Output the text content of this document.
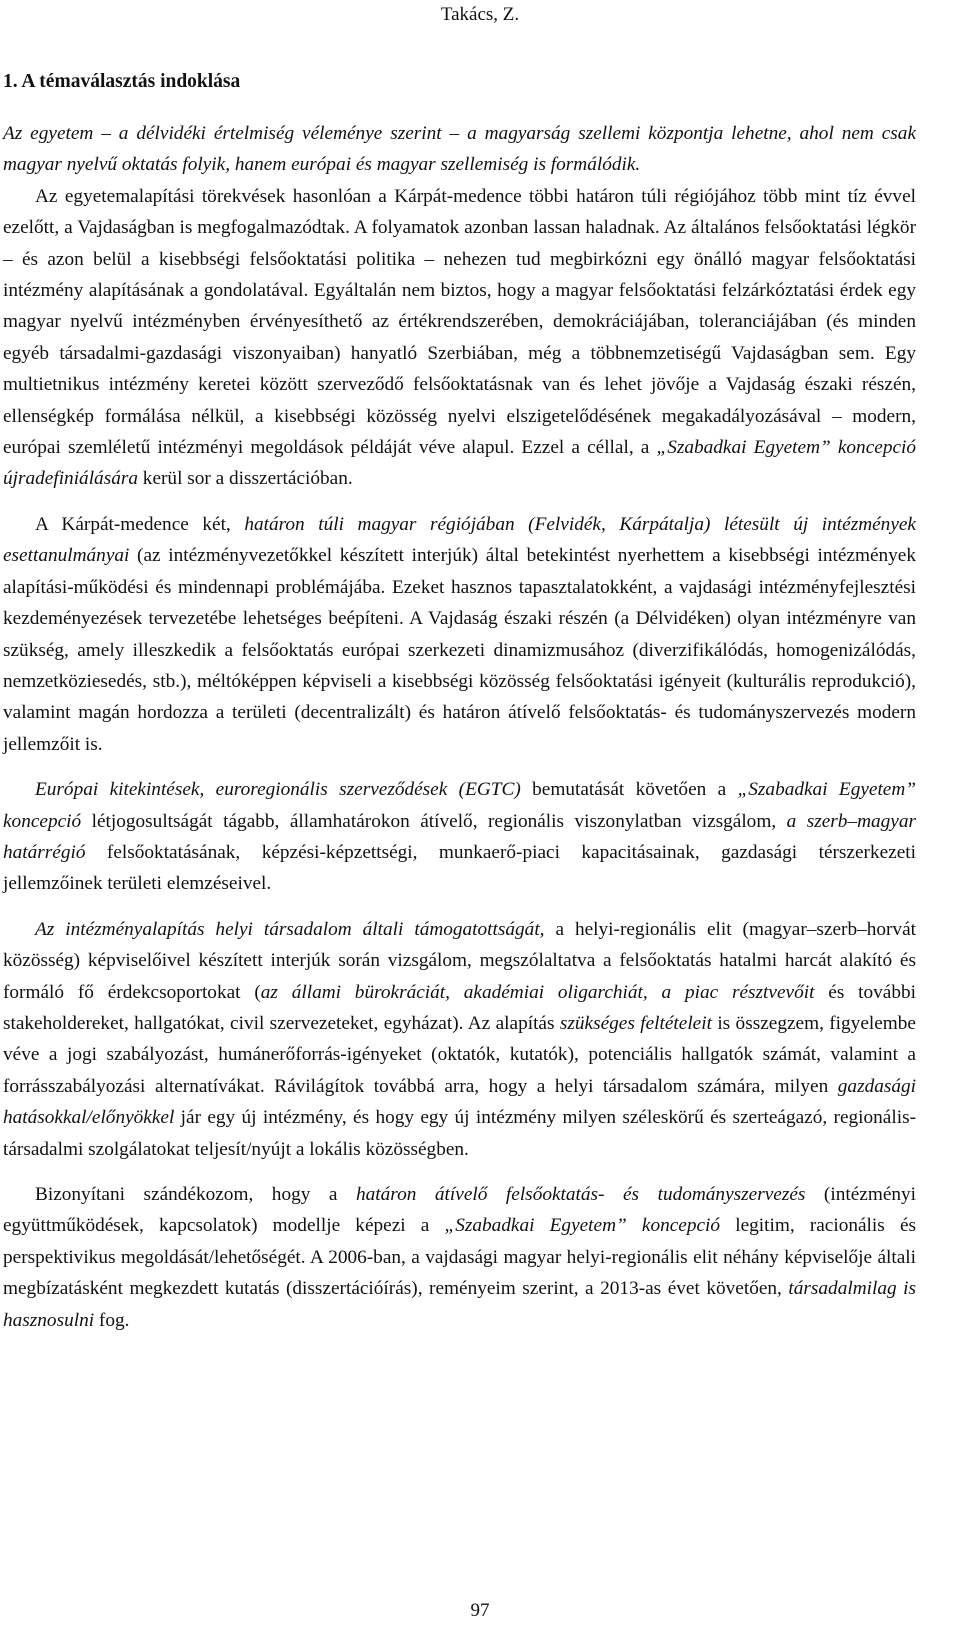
Takács, Z.
1. A témaválasztás indoklása

Az egyetem – a délvidéki értelmiség véleménye szerint – a magyarság szellemi központja lehetne, ahol nem csak magyar nyelvű oktatás folyik, hanem európai és magyar szellemiség is formálódik.

Az egyetemalapítási törekvések hasonlóan a Kárpát-medence többi határon túli régiójához több mint tíz évvel ezelőtt, a Vajdaságban is megfogalmazódtak. A folyamatok azonban lassan haladnak. Az általános felsőoktatási légkör – és azon belül a kisebbségi felsőoktatási politika – nehezen tud megbirkózni egy önálló magyar felsőoktatási intézmény alapításának a gondolatával. Egyáltalán nem biztos, hogy a magyar felsőoktatási felzárkóztatási érdek egy magyar nyelvű intézményben érvényesíthető az értékrendszerében, demokráciájában, toleranciájában (és minden egyéb társadalmi-gazdasági viszonyaiban) hanyatló Szerbiában, még a többnemzetiségű Vajdaságban sem. Egy multietnikus intézmény keretei között szerveződő felsőoktatásnak van és lehet jövője a Vajdaság északi részén, ellenségkép formálása nélkül, a kisebbségi közösség nyelvi elszigetelődésének megakadályozásával – modern, európai szemléletű intézményi megoldások példáját véve alapul. Ezzel a céllal, a „Szabadkai Egyetem” koncepció újradefiniálására kerül sor a disszertációban.

A Kárpát-medence két, határon túli magyar régiójában (Felvidék, Kárpátalja) létesült új intézmények esettanulmányai (az intézményvezetőkkel készített interjúk) által betekintést nyerhettem a kisebbségi intézmények alapítási-működési és mindennapi problémájába. Ezeket hasznos tapasztalatokként, a vajdasági intézményfejlesztési kezdeményezések tervezetébe lehetséges beépíteni. A Vajdaság északi részén (a Délvidéken) olyan intézményre van szükség, amely illeszkedik a felsőoktatás európai szerkezeti dinamizmusához (diverzifikálódás, homogenizálódás, nemzetköziesedés, stb.), méltóképpen képviseli a kisebbségi közösség felsőoktatási igényeit (kulturális reprodukció), valamint magán hordozza a területi (decentralizált) és határon átívelő felsőoktatás- és tudományszervezés modern jellemzőit is.

Európai kitekintések, euroregionális szerveződések (EGTC) bemutatását követően a „Szabadkai Egyetem” koncepció létjogosultságát tágabb, államhatárokon átívelő, regionális viszonylatban vizsgálom, a szerb–magyar határrégió felsőoktatásának, képzési-képzettségi, munkaerő-piaci kapacitásainak, gazdasági térszerkezeti jellemzőinek területi elemzéseivel.

Az intézményalapítás helyi társadalom általi támogatottságát, a helyi-regionális elit (magyar–szerb–horvát közösség) képviselőivel készített interjúk során vizsgálom, megszólaltatva a felsőoktatás hatalmi harcát alakító és formáló fő érdekcsoportokat (az állami bürokráciát, akadémiai oligarchiát, a piac résztvevőit és további stakeholdereket, hallgatókat, civil szervezeteket, egyházat). Az alapítás szükséges feltételeit is összegzem, figyelembe véve a jogi szabályozást, humánerőforrás-igényeket (oktatók, kutatók), potenciális hallgatók számát, valamint a forrásszabályozási alternatívákat. Rávilágítok továbbá arra, hogy a helyi társadalom számára, milyen gazdasági hatásokkal/előnyökkel jár egy új intézmény, és hogy egy új intézmény milyen széleskörű és szerteágazó, regionális-társadalmi szolgálatokat teljesít/nyújt a lokális közösségben.

Bizonyítani szándékozom, hogy a határon átívelő felsőoktatás- és tudományszervezés (intézményi együttműködések, kapcsolatok) modellje képezi a „Szabadkai Egyetem” koncepció legitim, racionális és perspektivikus megoldását/lehetőségét. A 2006-ban, a vajdasági magyar helyi-regionális elit néhány képviselője általi megbízatásként megkezdett kutatás (disszertációírás), reményeim szerint, a 2013-as évet követően, társadalmilag is hasznosulni fog.

97
